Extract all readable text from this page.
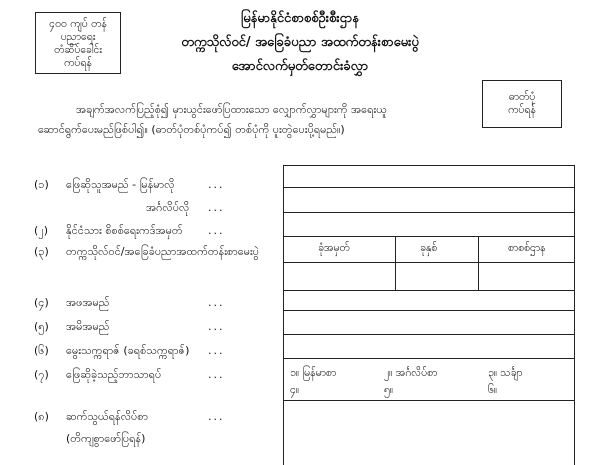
၄၀၀ ကျပ် တန်
ပညာရေး
တံဆိပ်ခေါင်း
ကပ်ရန်
မြန်မာနိုင်ငံစာစစ်ဦးစီးဌာန
တက္ကသိုလ်ဝင်/ အခြေခံပညာ အထက်တန်းစာမေးပွဲ
အောင်လက်မှတ်တောင်းခံလွှာ
ဓာတ်ပုံ
ကပ်ရန်
အချက်အလက်ပြည့်စုံ၍ မှားယွင်းဖော်ပြထားသော လျှောက်လွှာများကို အရေးယူ
ဆောင်ရွက်ပေးမည်ဖြစ်ပါ၍။ (ဓာတ်ပုံတစ်ပုံကပ်၍ တစ်ပုံကို ပူးတွဲပေးပို့ရမည်။)
(၁) ဖြေဆိုသူအမည် - မြန်မာလို	...
အင်္ဂလိပ်လို ...
(၂) နိုင်ငံသား စိစစ်ရေးကဒ်အမှတ် ...
(၃) တက္ကသိုလ်ဝင်/အခြေခံပညာအထက်တန်းစာမေးပွဲ
(၄) အဖအမည်	...
(၅) အမိအမည်	...
(၆) မွေးသက္ကရာဇ် (ခရစ်သက္ကရာဇ်) ...
(၇) ဖြေဆိုခဲ့သည့်ဘာသာရပ်	...
(၈) ဆက်သွယ်ရန်လိပ်စာ	...
(တိကျစွာဖော်ပြရန်)
ခုံအမှတ်	ခုနှစ်	စာစစ်ဌာန
၁။ မြန်မာစာ	၂။ အင်္ဂလိပ်စာ	၃။ သင်္ချာ
၄။	၅။	၆။
